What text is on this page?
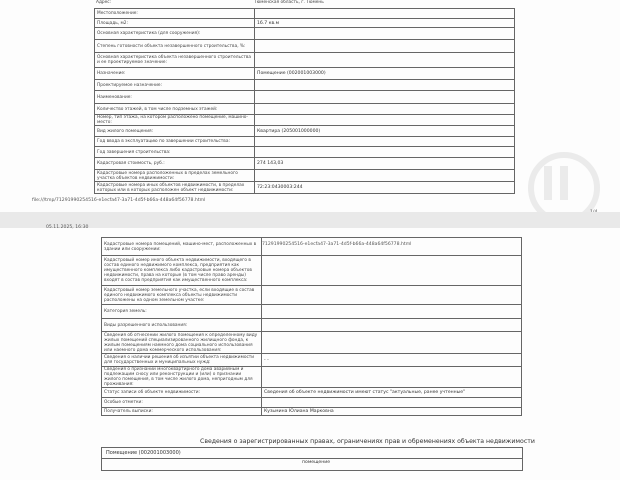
Адрес:	Тюменская область, г. Тюмень
Местоположение:	
Площадь, м2:	16.7 кв.м
Основная характеристика (для сооружения):	
Степень готовности объекта незавершенного строительства, %:	
Основная характеристика объекта незавершенного строительства и ее проектируемое значение:	
Назначение:	Помещение (002001003000)
Проектируемое назначение:	
Наименование:	
Количество этажей, в том числе подземных этажей:	
Номер, тип этажа, на котором расположено помещение, машино-место:	
Вид жилого помещения:	Квартира (205001000000)
Год ввода в эксплуатацию по завершении строительства:	
Год завершения строительства:	
Кадастровая стоимость, руб.:	274 143,03
Кадастровые номера расположенных в пределах земельного участка объектов недвижимости:	
Кадастровые номера иных объектов недвижимости, в пределах которых или в которых расположен объект недвижимости:	72:23:0430003:244
file:///tmp/71291990254516-e1ecfa47-3a71-4d5f-b66a-448a64f56778.html
05.11.2025, 16:30
71291990254516-e1ecfa47-3a71-4d5f-b66a-448a64f56778.html
Кадастровые номера помещений, машино-мест, расположенных в здании или сооружении:	
Кадастровый номер иного объекта недвижимости, входящего в состав единого недвижимого комплекса, предприятия как имущественного комплекса либо кадастровые номера объектов недвижимости, права на которые (в том числе право аренды) входят в состав предприятия как имущественного комплекса:	
Кадастровый номер земельного участка, если входящие в состав единого недвижимого комплекса объекты недвижимости расположены на одном земельном участке:	
Категория земель:	
Виды разрешенного использования:	
Сведения об отнесении жилого помещения к определенному виду жилых помещений специализированного жилищного фонда, к жилым помещениям наемного дома социального использования или наемного дома коммерческого использования:	
Сведения о наличии решения об изъятии объекта недвижимости для государственных и муниципальных нужд:	- -
Сведения о признании многоквартирного дома аварийным и подлежащим сносу или реконструкции и (или) о признании жилого помещения, в том числе жилого дома, непригодным для проживания:	
Статус записи об объекте недвижимости:	Сведения об объекте недвижимости имеют статус "актуальные, ранее учтенные"
Особые отметки:	
Получатель выписки:	Кузьмина Юлиана Марковна
Сведения о зарегистрированных правах, ограничениях прав и обременениях объекта недвижимости
Помещение (002001003000)
помещение
